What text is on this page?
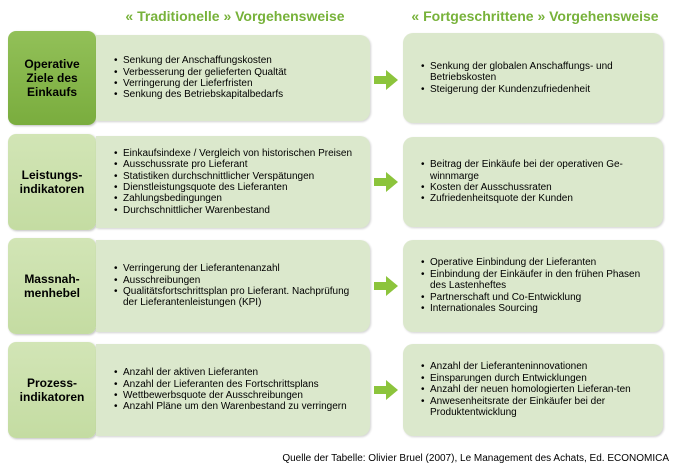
« Traditionelle » Vorgehensweise	« Fortgeschrittene » Vorgehensweise
Operative
Ziele des
Einkaufs
• Senkung der Anschaffungskosten
• Verbesserung der gelieferten Qualtät
• Verringerung der Lieferfristen
• Senkung des Betriebskapitalbedarfs
• Senkung der globalen Anschaffungs- und Betriebskosten
• Steigerung der Kundenzufriedenheit
Leistungs-
indikatoren
• Einkaufsindexe / Vergleich von historischen Preisen
• Ausschussrate pro Lieferant
• Statistiken durchschnittlicher Verspätungen
• Dienstleistungsquote des Lieferanten
• Zahlungsbedingungen
• Durchschnittlicher Warenbestand
• Beitrag der Einkäufe bei der operativen Ge-winnmarge
• Kosten der Ausschussraten
• Zufriedenheitsquote der Kunden
Massnah-
menhebel
• Verringerung der Lieferantenanzahl
• Ausschreibungen
• Qualitätsfortschrittsplan pro Lieferant. Nachprüfung der Lieferantenleistungen (KPI)
• Operative Einbindung der Lieferanten
• Einbindung der Einkäufer in den frühen Phasen des Lastenheftes
• Partnerschaft und Co-Entwicklung
• Internationales Sourcing
Prozess-
indikatoren
• Anzahl der aktiven Lieferanten
• Anzahl der Lieferanten des Fortschrittsplans
• Wettbewerbsquote der Ausschreibungen
• Anzahl Pläne um den Warenbestand zu verringern
• Anzahl der Lieferanteninnovationen
• Einsparungen durch Entwicklungen
• Anzahl der neuen homologierten Lieferan-ten
• Anwesenheitsrate der Einkäufer bei der Produktentwicklung
Quelle der Tabelle: Olivier Bruel (2007), Le Management des Achats, Ed. ECONOMICA
